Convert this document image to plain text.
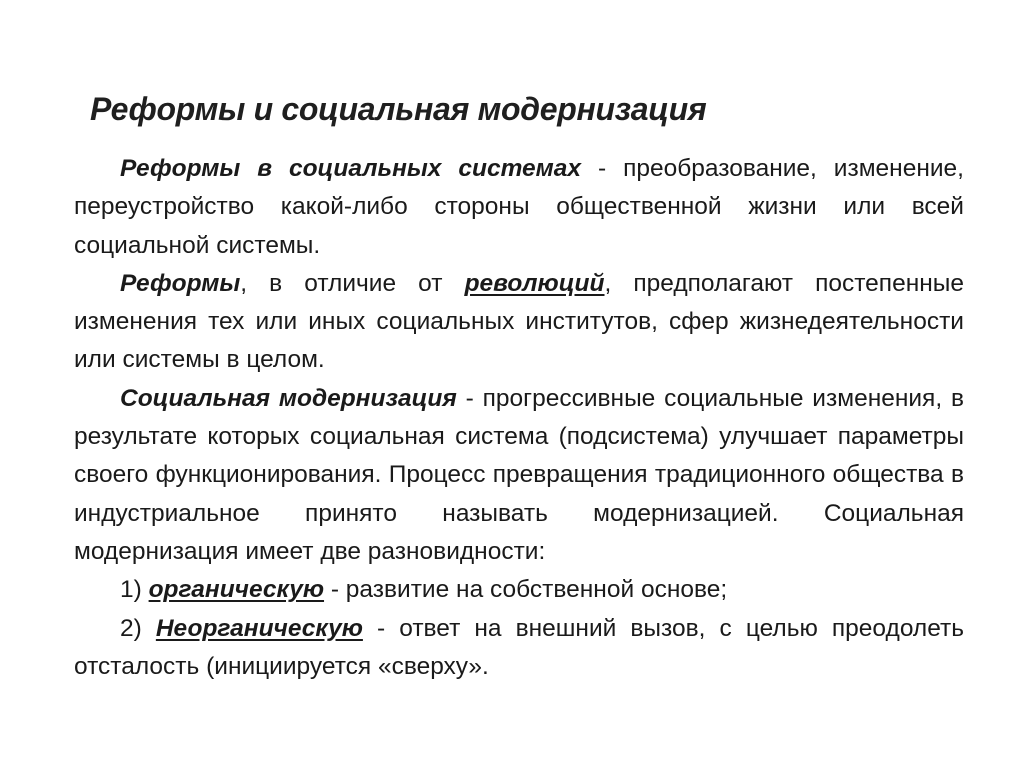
Реформы и социальная модернизация

Реформы в социальных системах - преобразование, изменение, переустройство какой-либо стороны общественной жизни или всей социальной системы.

Реформы, в отличие от революций, предполагают постепенные изменения тех или иных социальных институтов, сфер жизнедеятельности или системы в целом.

Социальная модернизация - прогрессивные социальные изменения, в результате которых социальная система (подсистема) улучшает параметры своего функционирования. Процесс превращения традиционного общества в индустриальное принято называть модернизацией. Социальная модернизация имеет две разновидности:

1) органическую - развитие на собственной основе;

2) Неорганическую - ответ на внешний вызов, с целью преодолеть отсталость (инициируется «сверху».
